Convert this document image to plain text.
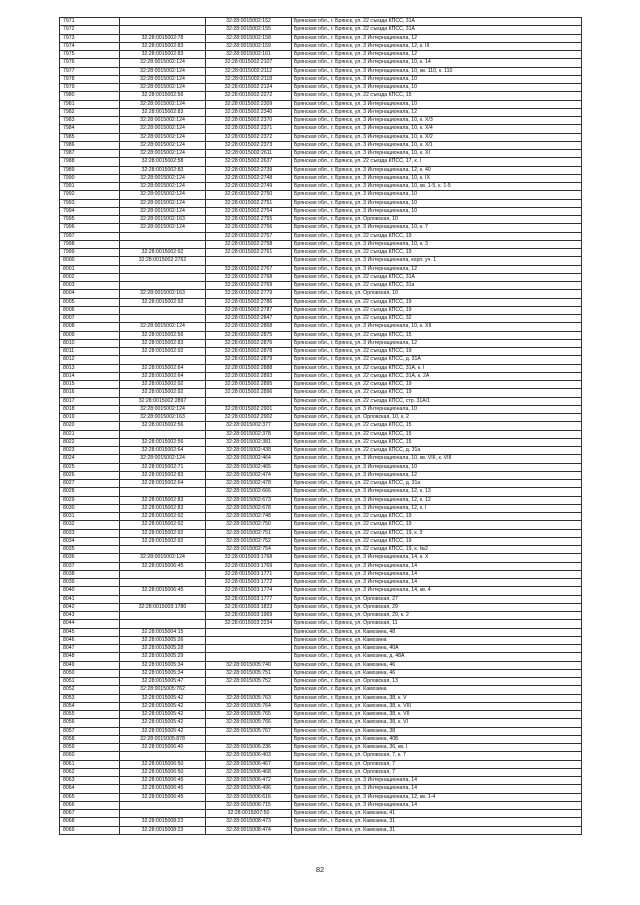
7971		32:28:0015002:152	Брянская обл., г. Брянск, ул. 22 съезда КПСС, 31А
7972		32:28:0015002:155	Брянская обл., г. Брянск, ул. 22 съезда КПСС, 31А
7973	32:28:0015002:78	32:28:0015002:158	Брянская обл., г. Брянск, ул. 3 Интернационала, 12
7974	32:28:0015002:83	32:28:0015002:159	Брянская обл., г. Брянск, ул. 3 Интернационала, 12, к. III
7975	32:28:0015002:83	32:28:0015002:161	Брянская обл., г. Брянск, ул. 3 Интернационала, 12
7976	32:28:0015002:124	32:28:0015002:2107	Брянская обл., г. Брянск, ул. 3 Интернационала, 10, к. 14
7977	32:28:0015002:124	32:28:0015002:2112	Брянская обл., г. Брянск, ул. 3 Интернационала, 10, кв. 110, к. 110
7978	32:28:0015002:124	32:28:0015002:2118	Брянская обл., г. Брянск, ул. 3 Интернационала, 10
7979	32:28:0015002:124	32:28:0015002:2124	Брянская обл., г. Брянск, ул. 3 Интернационала, 10
7980	32:28:0015002:56	32:28:0015002:2272	Брянская обл., г. Брянск, ул. 22 съезда КПСС, 15
7981	32:28:0015002:124	32:28:0015002:2309	Брянская обл., г. Брянск, ул. 3 Интернационала, 10
7982	32:28:0015002:83	32:28:0015002:2340	Брянская обл., г. Брянск, ул. 3 Интернационала, 12
7983	32:28:0015002:124	32:28:0015002:2370	Брянская обл., г. Брянск, ул. 3 Интернационала, 10, к. Х/3
7984	32:28:0015002:124	32:28:0015002:2371	Брянская обл., г. Брянск, ул. 3 Интернационала, 10, к. Х/4
7985	32:28:0015002:124	32:28:0015002:2372	Брянская обл., г. Брянск, ул. 3 Интернационала, 10, к. Х/2
7986	32:28:0015002:124	32:28:0015002:2373	Брянская обл., г. Брянск, ул. 3 Интернационала, 10, к. Х/1
7987	32:28:0015002:124	32:28:0015002:2611	Брянская обл., г. Брянск, ул. 3 Интернационала, 10, к. XI
7988	32:28:0015002:58	32:28:0015002:2637	Брянская обл., г. Брянск, ул. 22 съезда КПСС, 17, к. I
7989	32:28:0015002:83	32:28:0015002:2739	Брянская обл., г. Брянск, ул. 3 Интернационала, 12, к. 40
7990	32:28:0015002:124	32:28:0015002:2748	Брянская обл., г. Брянск, ул. 3 Интернационала, 10, к. IX
7991	32:28:0015002:124	32:28:0015002:2749	Брянская обл., г. Брянск, ул. 3 Интернационала, 10, кв. 1-5, к. 1-5
7992	32:28:0015002:124	32:28:0015002:2750	Брянская обл., г. Брянск, ул. 3 Интернационала, 10
7993	32:28:0015002:124	32:28:0015002:2751	Брянская обл., г. Брянск, ул. 3 Интернационала, 10
7994	32:28:0015002:124	32:28:0015002:2754	Брянская обл., г. Брянск, ул. 3 Интернационала, 10
7995	32:28:0015002:163	32:28:0015002:2755	Брянская обл., г. Брянск, ул. Орловская, 10
7996	32:28:0015002:124	32:28:0015002:2756	Брянская обл., г. Брянск, ул. 3 Интернационала, 10, к. 7
7997		32:28:0015002:2757	Брянская обл., г. Брянск, ул. 22 съезда КПСС, 19
7998		32:28:0015002:2758	Брянская обл., г. Брянск, ул. 3 Интернационала, 10, к. 3
7999	32:28:0015002:92	32:28:0015002:2761	Брянская обл., г. Брянск, ул. 22 съезда КПСС, 19
8000	32:28:0015002:2762		Брянская обл., г. Брянск, ул. 3 Интернационала, корп. уч. 1
8001		32:28:0015002:2767	Брянская обл., г. Брянск, ул. 3 Интернационала, 12
8002		32:28:0015002:2768	Брянская обл., г. Брянск, ул. 22 съезда КПСС, 31А
8003		32:28:0015002:2769	Брянская обл., г. Брянск, ул. 22 съезда КПСС, 31а
8004	32:28:0015002:163	32:28:0015002:2779	Брянская обл., г. Брянск, ул. Орловская, 10
8005	32:28:0015002:92	32:28:0015002:2786	Брянская обл., г. Брянск, ул. 22 съезда КПСС, 19
8006		32:28:0015002:2787	Брянская обл., г. Брянск, ул. 22 съезда КПСС, 19
8007		32:28:0015002:2847	Брянская обл., г. Брянск, ул. 22 съезда КПСС, 32
8008	32:28:0015002:124	32:28:0015002:2868	Брянская обл., г. Брянск, ул. 3 Интернационала, 10, к. XII
8009	32:28:0015002:56	32:28:0015002:2875	Брянская обл., г. Брянск, ул. 22 съезда КПСС, 15
8010	32:28:0015002:83	32:28:0015002:2876	Брянская обл., г. Брянск, ул. 3 Интернационала, 12
8011	32:28:0015002:92	32:28:0015002:2878	Брянская обл., г. Брянск, ул. 22 съезда КПСС, 19
8012		32:28:0015002:2879	Брянская обл., г. Брянск, ул. 22 съезда КПСС, д. 31А
8013	32:28:0015002:64	32:28:0015002:2888	Брянская обл., г. Брянск, ул. 22 съезда КПСС, 31А, к. I
8014	32:28:0015002:64	32:28:0015002:2893	Брянская обл., г. Брянск, ул. 22 съезда КПСС, 31А, к. 2А
8015	32:28:0015002:92	32:28:0015002:2895	Брянская обл., г. Брянск, ул. 22 съезда КПСС, 19
8016	32:28:0015002:92	32:28:0015002:2896	Брянская обл., г. Брянск, ул. 22 съезда КПСС, 19
8017	32:28:0015002:2897		Брянская обл., г. Брянск, ул. 22 съезда КПСС, стр. 31А/1
8018	32:28:0015002:124	32:28:0015002:2901	Брянская обл., г. Брянск, ул. 3 Интернационала, 10
8019	32:28:0015002:163	32:28:0015002:2902	Брянская обл., г. Брянск, ул. Орловская, 10, к. 2
8020	32:28:0015002:56	32:28:0015002:377	Брянская обл., г. Брянск, ул. 22 съезда КПСС, 15
8021		32:28:0015002:378	Брянская обл., г. Брянск, ул. 22 съезда КПСС, 15
8022	32:28:0015002:56	32:28:0015002:381	Брянская обл., г. Брянск, ул. 22 съезда КПСС, 15
8023	32:28:0015002:64	32:28:0015002:438	Брянская обл., г. Брянск, ул. 22 съезда КПСС, д. 31а
8024	32:28:0015002:124	32:28:0015002:464	Брянская обл., г. Брянск, ул. 3 Интернационала, 10, кв. VIII, к. VIII
8025	32:28:0015002:71	32:28:0015002:465	Брянская обл., г. Брянск, ул. 3 Интернационала, 10
8026	32:28:0015002:83	32:28:0015002:474	Брянская обл., г. Брянск, ул. 3 Интернационала, 12
8027	32:28:0015002:64	32:28:0015002:478	Брянская обл., г. Брянск, ул. 22 съезда КПСС, д. 31а
8028		32:28:0015002:666	Брянская обл., г. Брянск, ул. 3 Интернационала, 12, к. 13
8029	32:28:0015002:83	32:28:0015002:673	Брянская обл., г. Брянск, ул. 3 Интернационала, 12, к. 12
8030	32:28:0015002:83	32:28:0015002:678	Брянская обл., г. Брянск, ул. 3 Интернационала, 12, к. I
8031	32:28:0015002:92	32:28:0015002:748	Брянская обл., г. Брянск, ул. 22 съезда КПСС, 19
8032	32:28:0015002:92	32:28:0015002:750	Брянская обл., г. Брянск, ул. 22 съезда КПСС, 19
8033	32:28:0015002:92	32:28:0015002:751	Брянская обл., г. Брянск, ул. 22 съезда КПСС, 19, к. 3
8034	32:28:0015002:92	32:28:0015002:752	Брянская обл., г. Брянск, ул. 22 съезда КПСС, 19
8035		32:28:0015002:754	Брянская обл., г. Брянск, ул. 22 съезда КПСС, 19, к. №2
8036	32:28:0015002:124	32:28:0015003:1768	Брянская обл., г. Брянск, ул. 3 Интернационала, 14, к. X
8037	32:28:0015006:45	32:28:0015003:1769	Брянская обл., г. Брянск, ул. 3 Интернационала, 14
8038		32:28:0015003:1771	Брянская обл., г. Брянск, ул. 3 Интернационала, 14
8039		32:28:0015003:1772	Брянская обл., г. Брянск, ул. 3 Интернационала, 14
8040	32:28:0015006:45	32:28:0015003:1774	Брянская обл., г. Брянск, ул. 3 Интернационала, 14, кв. 4
8041		32:28:0015003:1777	Брянская обл., г. Брянск, ул. Орловская, 27
8042	32:28:0015003:1780	32:28:0015003:1823	Брянская обл., г. Брянск, ул. Орловская, 29
8043		32:28:0015003:1969	Брянская обл., г. Брянск, ул. Орловская, 29, к. 2
8044		32:28:0015003:2234	Брянская обл., г. Брянск, ул. Орловская, 11
8045	32:28:0015004:15		Брянская обл., г. Брянск, ул. Камозина, 48
8046	32:28:0015005:26		Брянская обл., г. Брянск, ул. Камозина
8047	32:28:0015005:28		Брянская обл., г. Брянск, ул. Камозина, 40А
8048	32:28:0015005:29		Брянская обл., г. Брянск, ул. Камозина, д. 48А
8049	32:28:0015005:34	32:28:0015005:740	Брянская обл., г. Брянск, ул. Камозина, 46
8050	32:28:0015005:34	32:28:0015005:751	Брянская обл., г. Брянск, ул. Камозина, 46
8051	32:28:0015005:47	32:28:0015005:752	Брянская обл., г. Брянск, ул. Орловская, 13
8052	32:28:0015005:762		Брянская обл., г. Брянск, ул. Камозина
8053	32:28:0015005:42	32:28:0015005:763	Брянская обл., г. Брянск, ул. Камозина, 38, к. V
8054	32:28:0015005:42	32:28:0015005:764	Брянская обл., г. Брянск, ул. Камозина, 38, к. VIII
8055	32:28:0015005:42	32:28:0015005:765	Брянская обл., г. Брянск, ул. Камозина, 38, к. VII
8056	32:28:0015005:42	32:28:0015005:766	Брянская обл., г. Брянск, ул. Камозина, 38, к. VI
8057	32:28:0015005:42	32:28:0015005:767	Брянская обл., г. Брянск, ул. Камозина, 38
8058	32:28:0015005:878		Брянская обл., г. Брянск, ул. Камозина, 40Б
8059	32:28:0015006:40	32:28:0015006:236	Брянская обл., г. Брянск, ул. Камозина, 36, кв. I
8060		32:28:0015006:403	Брянская обл., г. Брянск, ул. Орловская, 7, к. 7
8061	32:28:0015006:50	32:28:0015006:467	Брянская обл., г. Брянск, ул. Орловская, 7
8062	32:28:0015006:50	32:28:0015006:468	Брянская обл., г. Брянск, ул. Орловская, 7
8063	32:28:0015006:45	32:28:0015006:472	Брянская обл., г. Брянск, ул. 3 Интернационала, 14
8064	32:28:0015006:45	32:28:0015006:496	Брянская обл., г. Брянск, ул. 3 Интернационала, 14
8065	32:28:0015006:45	32:28:0015006:616	Брянская обл., г. Брянск, ул. 3 Интернационала, 12, кв. 1-4
8066		32:28:0015006:715	Брянская обл., г. Брянск, ул. 3 Интернационала, 14
8067		32:28:0015007:50	Брянская обл., г. Брянск, ул. Камозина, 41
8068	32:28:0015008:23	32:28:0015008:473	Брянская обл., г. Брянск, ул. Камозина, 31
8069	32:28:0015008:23	32:28:0015008:474	Брянская обл., г. Брянск, ул. Камозина, 31
82
